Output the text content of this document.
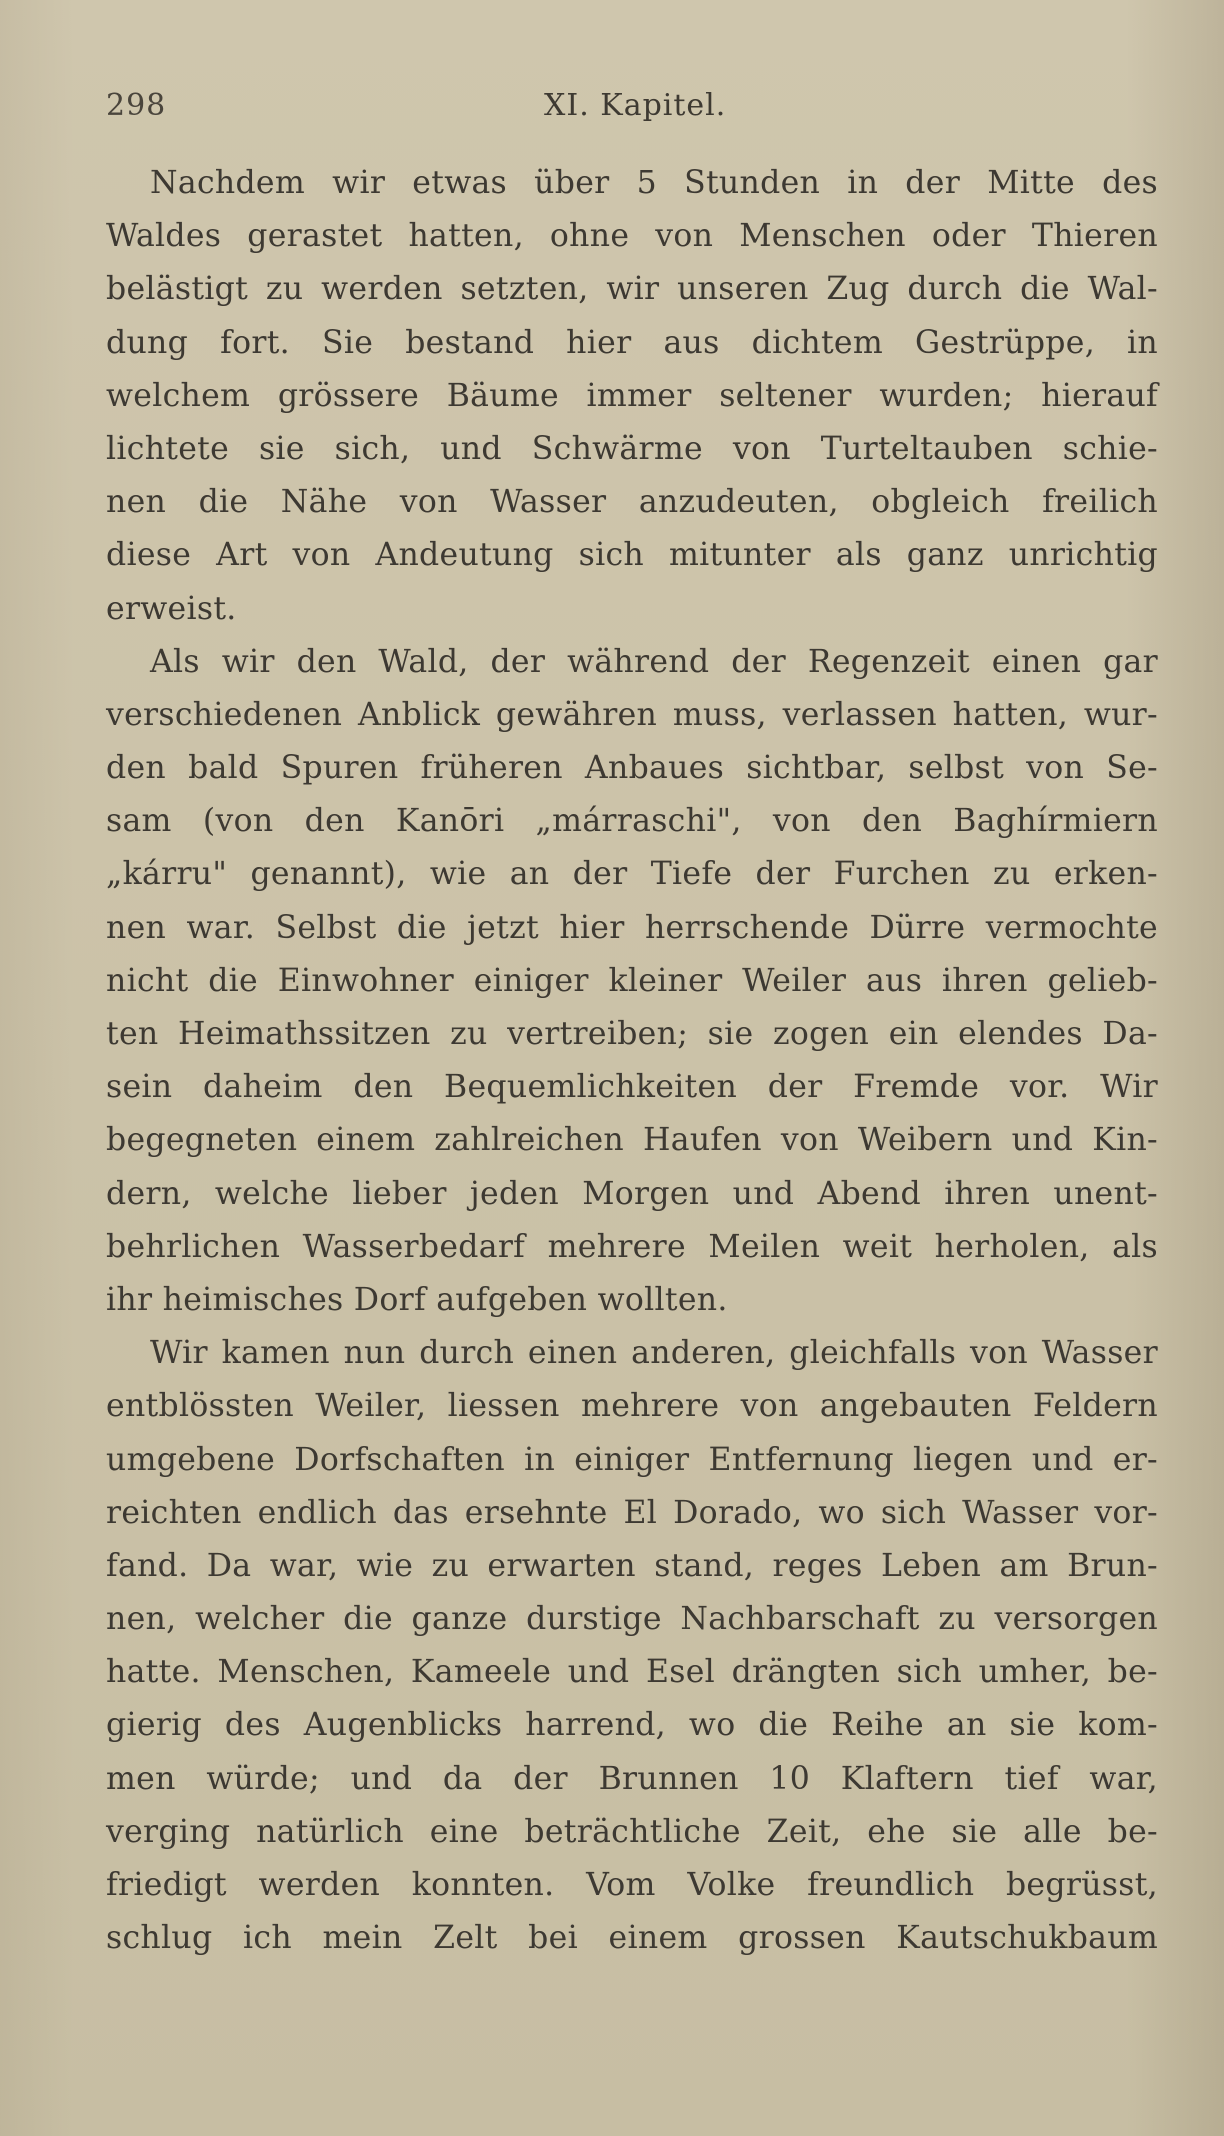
298	XI. Kapitel.
Nachdem wir etwas über 5 Stunden in der Mitte des
Waldes gerastet hatten, ohne von Menschen oder Thieren
belästigt zu werden setzten, wir unseren Zug durch die Wal-
dung fort. Sie bestand hier aus dichtem Gestrüppe, in
welchem grössere Bäume immer seltener wurden; hierauf
lichtete sie sich, und Schwärme von Turteltauben schie-
nen die Nähe von Wasser anzudeuten, obgleich freilich
diese Art von Andeutung sich mitunter als ganz unrichtig
erweist.
Als wir den Wald, der während der Regenzeit einen gar
verschiedenen Anblick gewähren muss, verlassen hatten, wur-
den bald Spuren früheren Anbaues sichtbar, selbst von Se-
sam (von den Kanōri „márraschi", von den Baghírmiern
„kárru" genannt), wie an der Tiefe der Furchen zu erken-
nen war. Selbst die jetzt hier herrschende Dürre vermochte
nicht die Einwohner einiger kleiner Weiler aus ihren gelieb-
ten Heimathssitzen zu vertreiben; sie zogen ein elendes Da-
sein daheim den Bequemlichkeiten der Fremde vor. Wir
begegneten einem zahlreichen Haufen von Weibern und Kin-
dern, welche lieber jeden Morgen und Abend ihren unent-
behrlichen Wasserbedarf mehrere Meilen weit herholen, als
ihr heimisches Dorf aufgeben wollten.
Wir kamen nun durch einen anderen, gleichfalls von Wasser
entblössten Weiler, liessen mehrere von angebauten Feldern
umgebene Dorfschaften in einiger Entfernung liegen und er-
reichten endlich das ersehnte El Dorado, wo sich Wasser vor-
fand. Da war, wie zu erwarten stand, reges Leben am Brun-
nen, welcher die ganze durstige Nachbarschaft zu versorgen
hatte. Menschen, Kameele und Esel drängten sich umher, be-
gierig des Augenblicks harrend, wo die Reihe an sie kom-
men würde; und da der Brunnen 10 Klaftern tief war,
verging natürlich eine beträchtliche Zeit, ehe sie alle be-
friedigt werden konnten. Vom Volke freundlich begrüsst,
schlug ich mein Zelt bei einem grossen Kautschukbaum
